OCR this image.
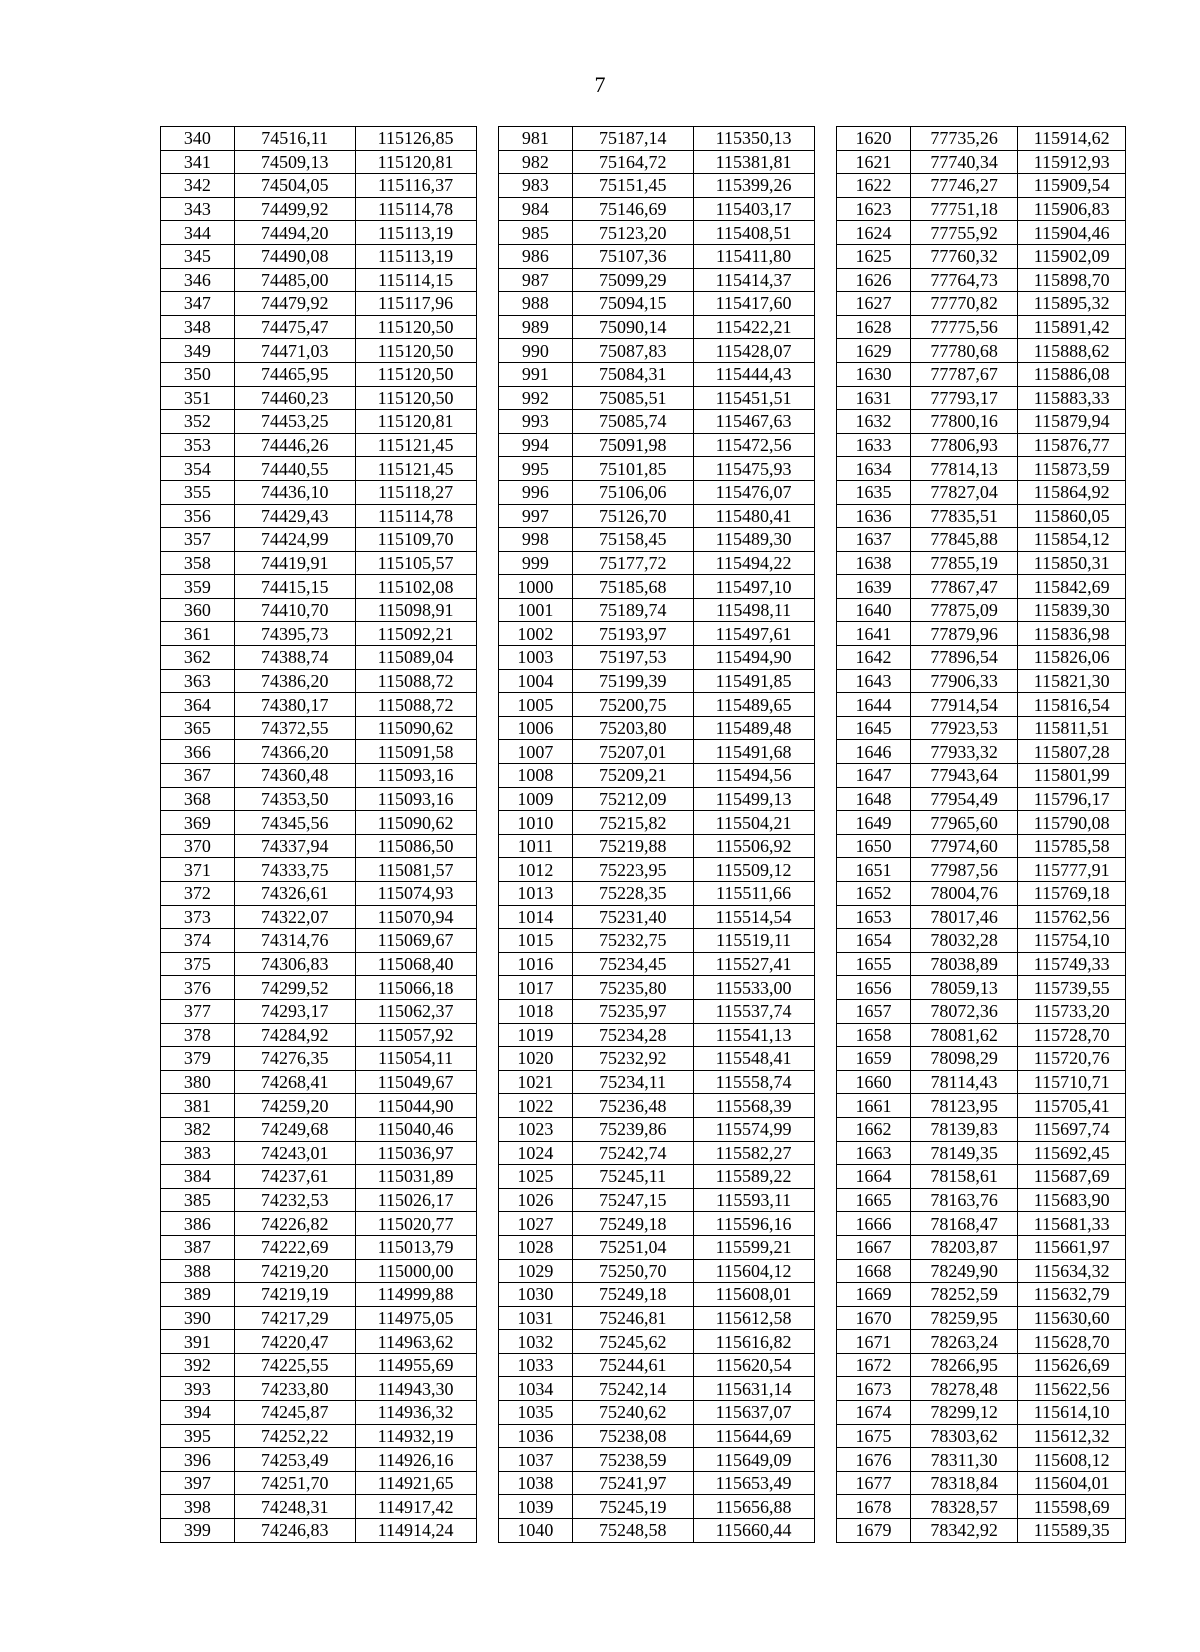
7
340	74516,11	115126,85		981	75187,14	115350,13		1620	77735,26	115914,62
341	74509,13	115120,81		982	75164,72	115381,81		1621	77740,34	115912,93
342	74504,05	115116,37		983	75151,45	115399,26		1622	77746,27	115909,54
343	74499,92	115114,78		984	75146,69	115403,17		1623	77751,18	115906,83
344	74494,20	115113,19		985	75123,20	115408,51		1624	77755,92	115904,46
345	74490,08	115113,19		986	75107,36	115411,80		1625	77760,32	115902,09
346	74485,00	115114,15		987	75099,29	115414,37		1626	77764,73	115898,70
347	74479,92	115117,96		988	75094,15	115417,60		1627	77770,82	115895,32
348	74475,47	115120,50		989	75090,14	115422,21		1628	77775,56	115891,42
349	74471,03	115120,50		990	75087,83	115428,07		1629	77780,68	115888,62
350	74465,95	115120,50		991	75084,31	115444,43		1630	77787,67	115886,08
351	74460,23	115120,50		992	75085,51	115451,51		1631	77793,17	115883,33
352	74453,25	115120,81		993	75085,74	115467,63		1632	77800,16	115879,94
353	74446,26	115121,45		994	75091,98	115472,56		1633	77806,93	115876,77
354	74440,55	115121,45		995	75101,85	115475,93		1634	77814,13	115873,59
355	74436,10	115118,27		996	75106,06	115476,07		1635	77827,04	115864,92
356	74429,43	115114,78		997	75126,70	115480,41		1636	77835,51	115860,05
357	74424,99	115109,70		998	75158,45	115489,30		1637	77845,88	115854,12
358	74419,91	115105,57		999	75177,72	115494,22		1638	77855,19	115850,31
359	74415,15	115102,08		1000	75185,68	115497,10		1639	77867,47	115842,69
360	74410,70	115098,91		1001	75189,74	115498,11		1640	77875,09	115839,30
361	74395,73	115092,21		1002	75193,97	115497,61		1641	77879,96	115836,98
362	74388,74	115089,04		1003	75197,53	115494,90		1642	77896,54	115826,06
363	74386,20	115088,72		1004	75199,39	115491,85		1643	77906,33	115821,30
364	74380,17	115088,72		1005	75200,75	115489,65		1644	77914,54	115816,54
365	74372,55	115090,62		1006	75203,80	115489,48		1645	77923,53	115811,51
366	74366,20	115091,58		1007	75207,01	115491,68		1646	77933,32	115807,28
367	74360,48	115093,16		1008	75209,21	115494,56		1647	77943,64	115801,99
368	74353,50	115093,16		1009	75212,09	115499,13		1648	77954,49	115796,17
369	74345,56	115090,62		1010	75215,82	115504,21		1649	77965,60	115790,08
370	74337,94	115086,50		1011	75219,88	115506,92		1650	77974,60	115785,58
371	74333,75	115081,57		1012	75223,95	115509,12		1651	77987,56	115777,91
372	74326,61	115074,93		1013	75228,35	115511,66		1652	78004,76	115769,18
373	74322,07	115070,94		1014	75231,40	115514,54		1653	78017,46	115762,56
374	74314,76	115069,67		1015	75232,75	115519,11		1654	78032,28	115754,10
375	74306,83	115068,40		1016	75234,45	115527,41		1655	78038,89	115749,33
376	74299,52	115066,18		1017	75235,80	115533,00		1656	78059,13	115739,55
377	74293,17	115062,37		1018	75235,97	115537,74		1657	78072,36	115733,20
378	74284,92	115057,92		1019	75234,28	115541,13		1658	78081,62	115728,70
379	74276,35	115054,11		1020	75232,92	115548,41		1659	78098,29	115720,76
380	74268,41	115049,67		1021	75234,11	115558,74		1660	78114,43	115710,71
381	74259,20	115044,90		1022	75236,48	115568,39		1661	78123,95	115705,41
382	74249,68	115040,46		1023	75239,86	115574,99		1662	78139,83	115697,74
383	74243,01	115036,97		1024	75242,74	115582,27		1663	78149,35	115692,45
384	74237,61	115031,89		1025	75245,11	115589,22		1664	78158,61	115687,69
385	74232,53	115026,17		1026	75247,15	115593,11		1665	78163,76	115683,90
386	74226,82	115020,77		1027	75249,18	115596,16		1666	78168,47	115681,33
387	74222,69	115013,79		1028	75251,04	115599,21		1667	78203,87	115661,97
388	74219,20	115000,00		1029	75250,70	115604,12		1668	78249,90	115634,32
389	74219,19	114999,88		1030	75249,18	115608,01		1669	78252,59	115632,79
390	74217,29	114975,05		1031	75246,81	115612,58		1670	78259,95	115630,60
391	74220,47	114963,62		1032	75245,62	115616,82		1671	78263,24	115628,70
392	74225,55	114955,69		1033	75244,61	115620,54		1672	78266,95	115626,69
393	74233,80	114943,30		1034	75242,14	115631,14		1673	78278,48	115622,56
394	74245,87	114936,32		1035	75240,62	115637,07		1674	78299,12	115614,10
395	74252,22	114932,19		1036	75238,08	115644,69		1675	78303,62	115612,32
396	74253,49	114926,16		1037	75238,59	115649,09		1676	78311,30	115608,12
397	74251,70	114921,65		1038	75241,97	115653,49		1677	78318,84	115604,01
398	74248,31	114917,42		1039	75245,19	115656,88		1678	78328,57	115598,69
399	74246,83	114914,24		1040	75248,58	115660,44		1679	78342,92	115589,35
